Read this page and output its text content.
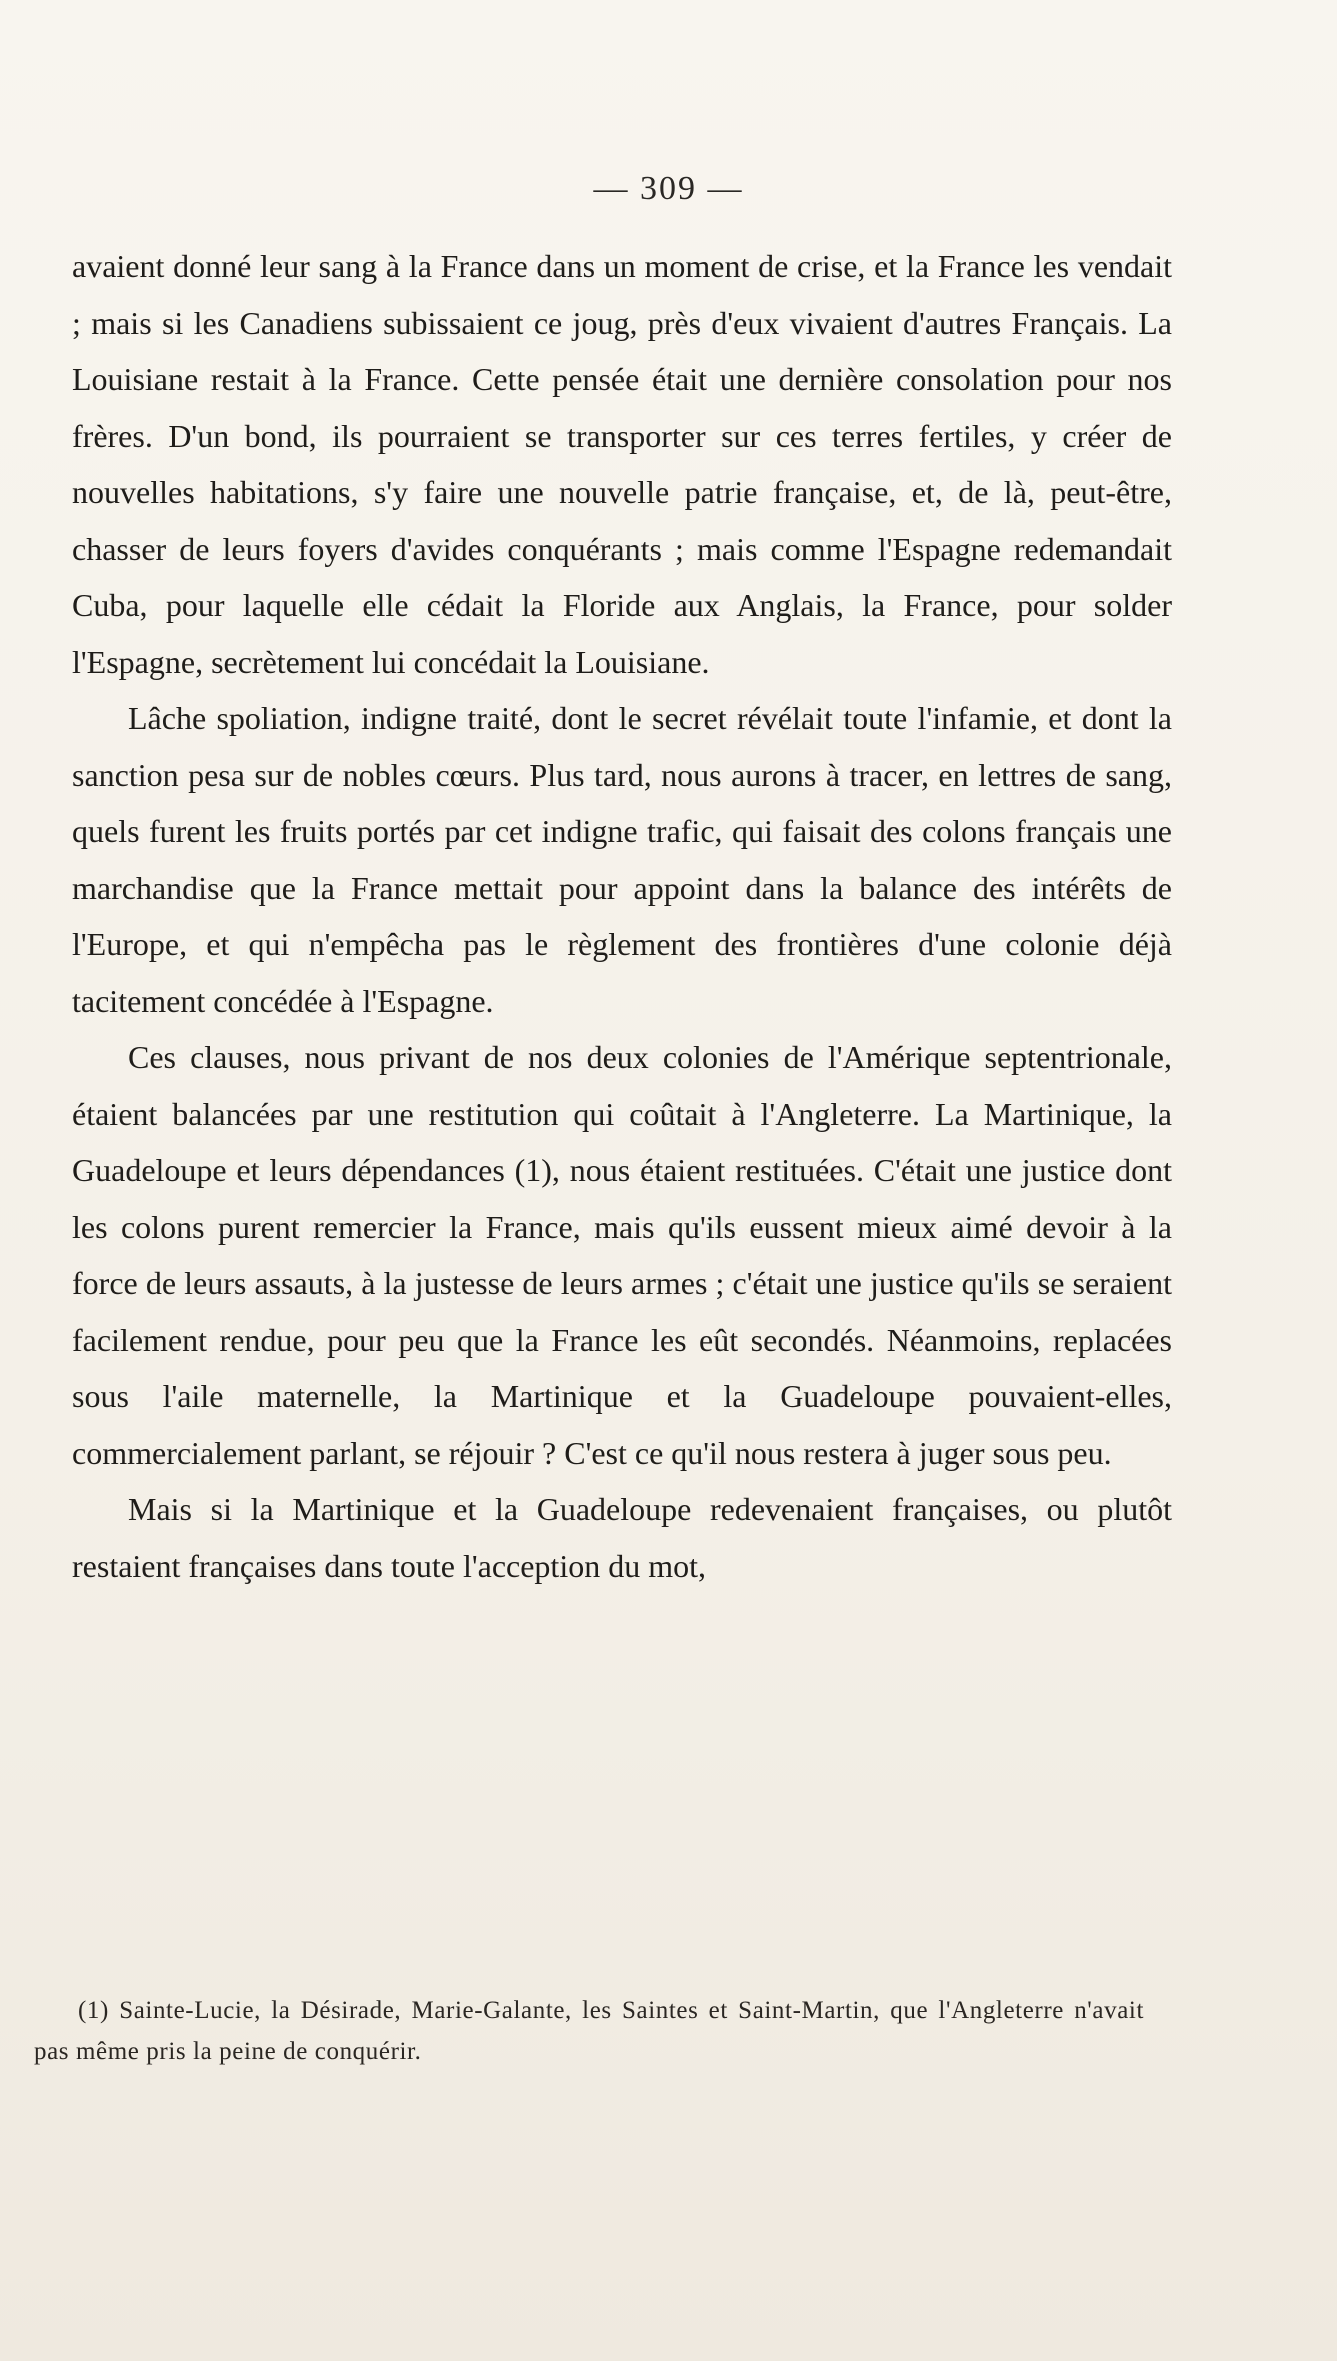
— 309 —

avaient donné leur sang à la France dans un moment de crise, et la France les vendait ; mais si les Canadiens subissaient ce joug, près d'eux vivaient d'autres Français. La Louisiane restait à la France. Cette pensée était une dernière consolation pour nos frères. D'un bond, ils pourraient se transporter sur ces terres fertiles, y créer de nouvelles habitations, s'y faire une nouvelle patrie française, et, de là, peut-être, chasser de leurs foyers d'avides conquérants ; mais comme l'Espagne redemandait Cuba, pour laquelle elle cédait la Floride aux Anglais, la France, pour solder l'Espagne, secrètement lui concédait la Louisiane.

Lâche spoliation, indigne traité, dont le secret révélait toute l'infamie, et dont la sanction pesa sur de nobles cœurs. Plus tard, nous aurons à tracer, en lettres de sang, quels furent les fruits portés par cet indigne trafic, qui faisait des colons français une marchandise que la France mettait pour appoint dans la balance des intérêts de l'Europe, et qui n'empêcha pas le règlement des frontières d'une colonie déjà tacitement concédée à l'Espagne.

Ces clauses, nous privant de nos deux colonies de l'Amérique septentrionale, étaient balancées par une restitution qui coûtait à l'Angleterre. La Martinique, la Guadeloupe et leurs dépendances (1), nous étaient restituées. C'était une justice dont les colons purent remercier la France, mais qu'ils eussent mieux aimé devoir à la force de leurs assauts, à la justesse de leurs armes ; c'était une justice qu'ils se seraient facilement rendue, pour peu que la France les eût secondés. Néanmoins, replacées sous l'aile maternelle, la Martinique et la Guadeloupe pouvaient-elles, commercialement parlant, se réjouir ? C'est ce qu'il nous restera à juger sous peu.

Mais si la Martinique et la Guadeloupe redevenaient françaises, ou plutôt restaient françaises dans toute l'acception du mot,

(1) Sainte-Lucie, la Désirade, Marie-Galante, les Saintes et Saint-Martin, que l'Angleterre n'avait pas même pris la peine de conquérir.
